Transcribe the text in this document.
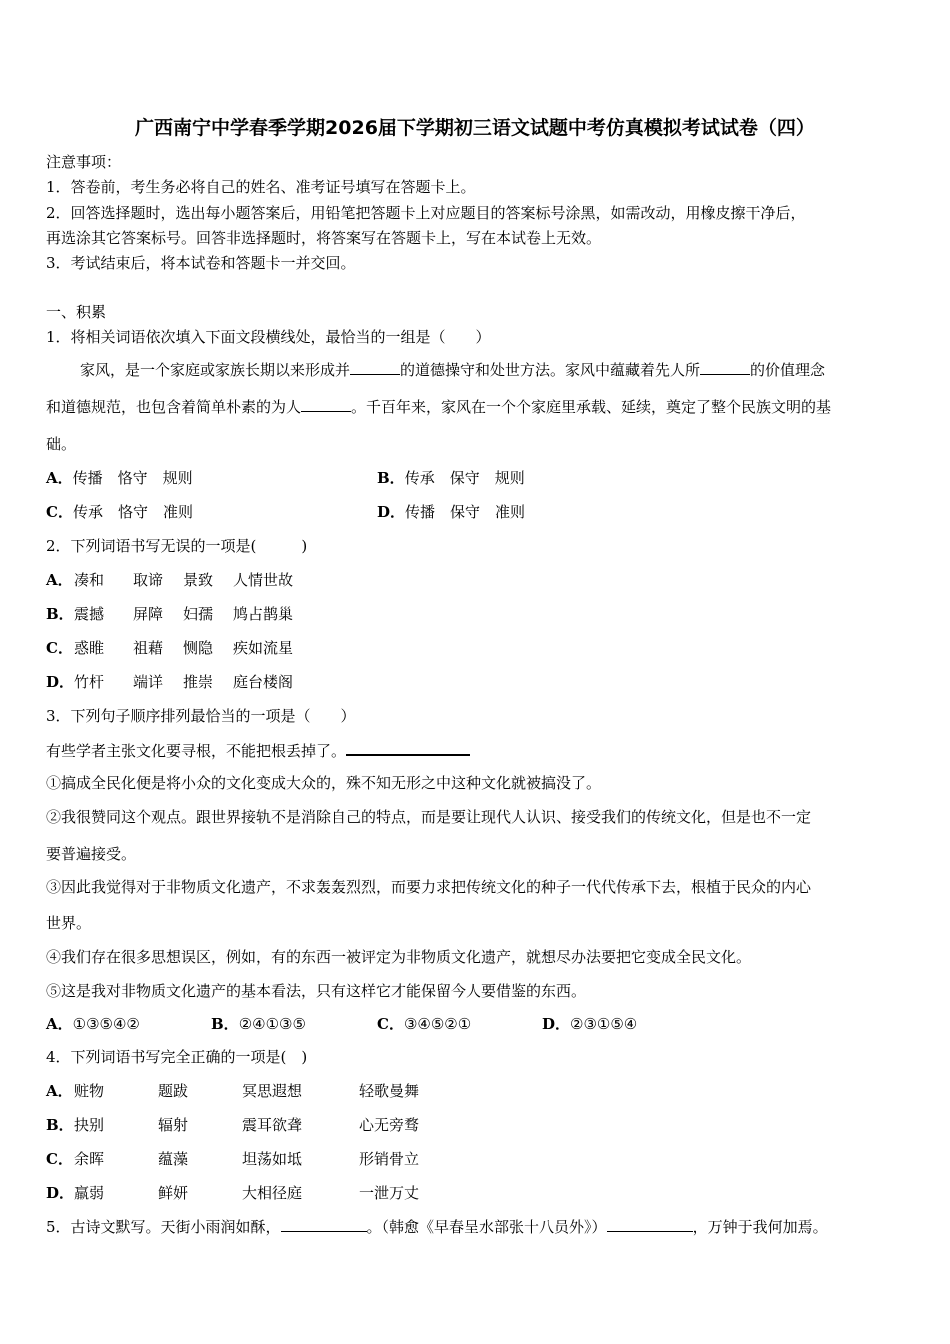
广西南宁中学春季学期2026届下学期初三语文试题中考仿真模拟考试试卷（四）
注意事项：
1．答卷前，考生务必将自己的姓名、准考证号填写在答题卡上。
2．回答选择题时，选出每小题答案后，用铅笔把答题卡上对应题目的答案标号涂黑，如需改动，用橡皮擦干净后，
再选涂其它答案标号。回答非选择题时，将答案写在答题卡上，写在本试卷上无效。
3．考试结束后，将本试卷和答题卡一并交回。
一、积累
1．将相关词语依次填入下面文段横线处，最恰当的一组是（　　）
家风，是一个家庭或家族长期以来形成并	的道德操守和处世方法。家风中蕴藏着先人所	的价值理念
和道德规范，也包含着简单朴素的为人	。千百年来，家风在一个个家庭里承载、延续，奠定了整个民族文明的基
础。
A．传播　恪守　规则	B．传承　保守　规则
C．传承　恪守　准则	D．传播　保守　准则
2．下列词语书写无误的一项是(　　　)
A． 凑和 取谛 景致 人情世故
B． 震撼 屏障 妇孺 鸠占鹊巢
C． 惑睢 祖藉 恻隐 疾如流星
D． 竹杆 端详 推崇 庭台楼阁
3．下列句子顺序排列最恰当的一项是（　　）
有些学者主张文化要寻根，不能把根丢掉了。
①搞成全民化便是将小众的文化变成大众的，殊不知无形之中这种文化就被搞没了。
②我很赞同这个观点。跟世界接轨不是消除自己的特点，而是要让现代人认识、接受我们的传统文化，但是也不一定
要普遍接受。
③因此我觉得对于非物质文化遗产，不求轰轰烈烈，而要力求把传统文化的种子一代代传承下去，根植于民众的内心
世界。
④我们存在很多思想误区，例如，有的东西一被评定为非物质文化遗产，就想尽办法要把它变成全民文化。
⑤这是我对非物质文化遗产的基本看法，只有这样它才能保留今人要借鉴的东西。
A．①③⑤④②	B．②④①③⑤	C．③④⑤②①	D．②③①⑤④
4．下列词语书写完全正确的一项是(　)
A． 赃物	题跋	冥思遐想	轻歌曼舞
B． 抉别	辐射	震耳欲聋	心无旁骛
C． 余晖	蕴藻	坦荡如坻	形销骨立
D． 羸弱	鲜妍	大相径庭	一泄万丈
5．古诗文默写。天街小雨润如酥，	。（韩愈《早春呈水部张十八员外》）	，万钟于我何加焉。
